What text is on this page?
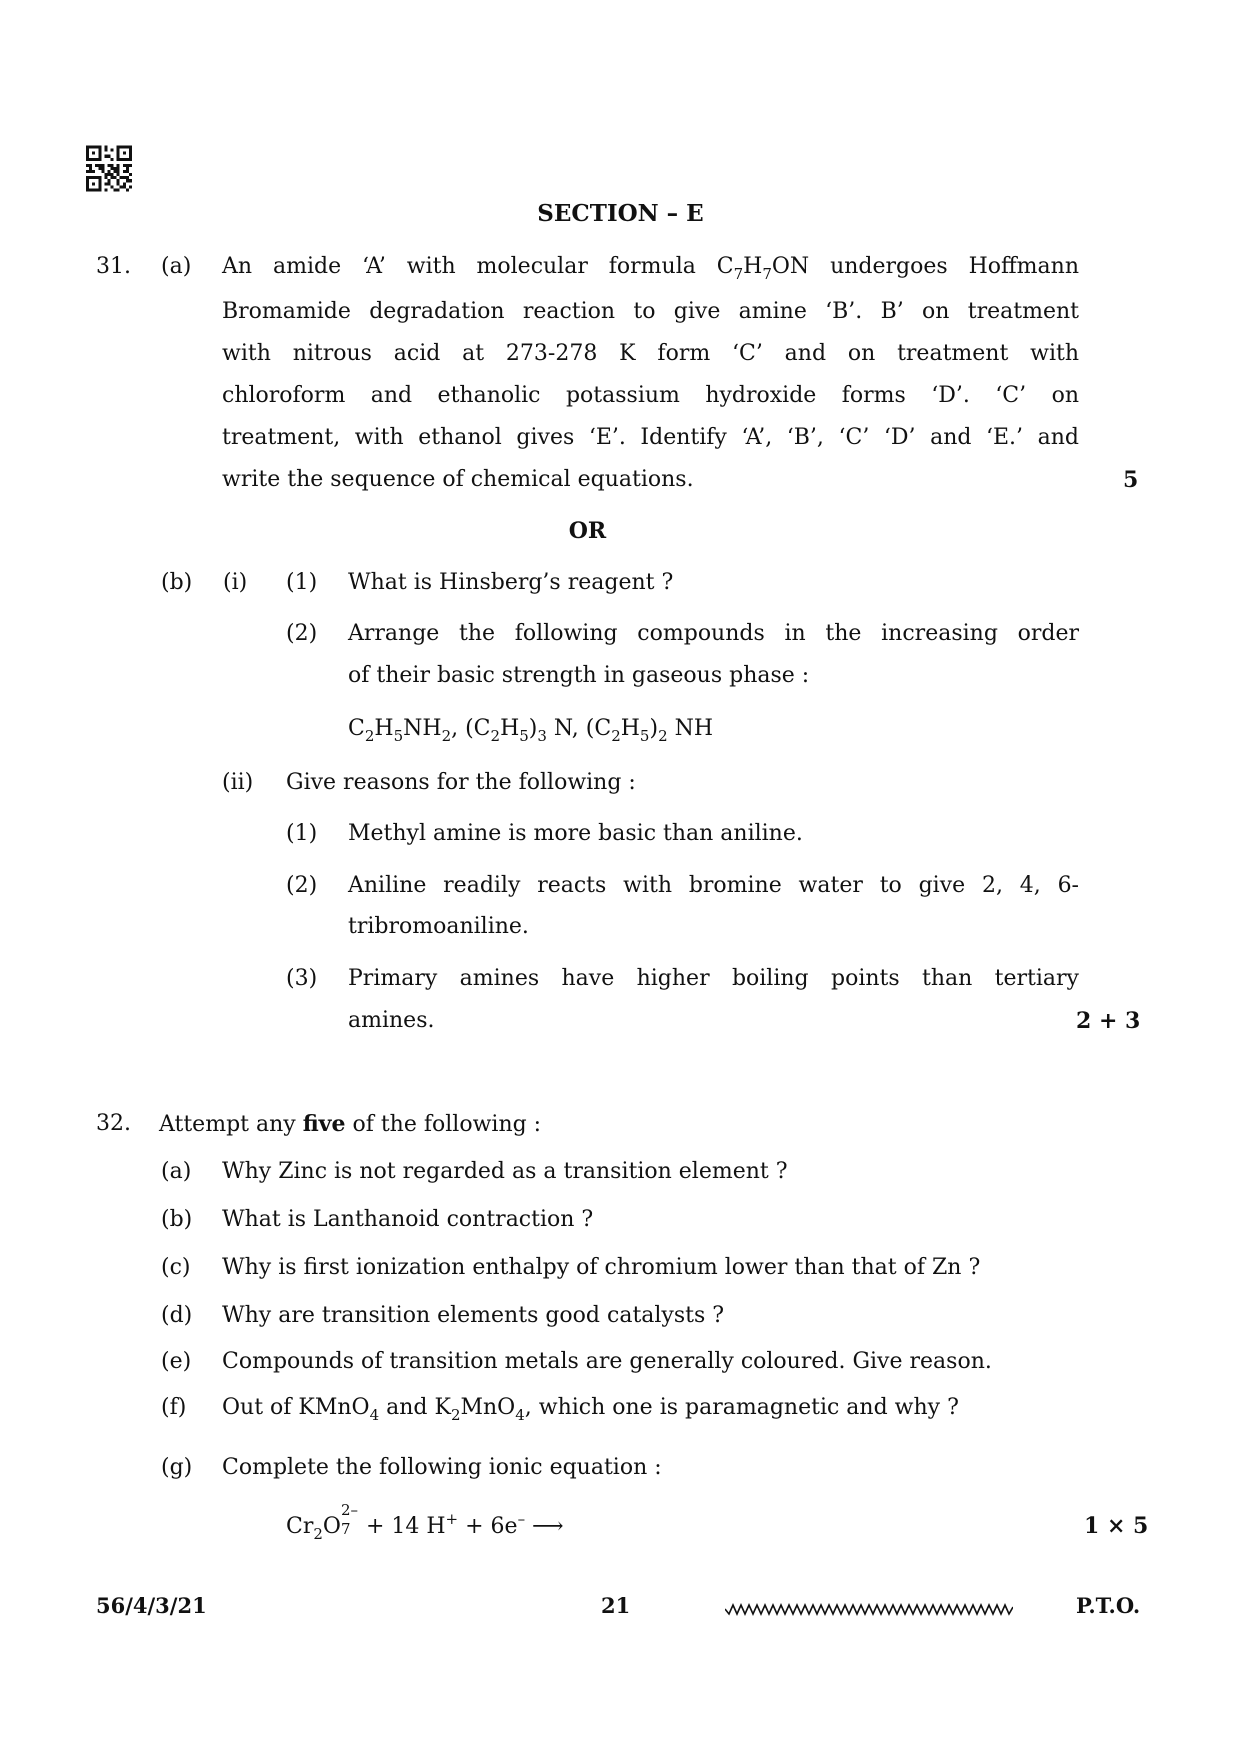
SECTION – E
31. (a) An amide ‘A’ with molecular formula $C_7H_7ON$ undergoes Hoffmann
Bromamide degradation reaction to give amine ‘B’. B’ on treatment
with nitrous acid at 273-278 K form ‘C’ and on treatment with
chloroform and ethanolic potassium hydroxide forms ‘D’. ‘C’ on
treatment, with ethanol gives ‘E’. Identify ‘A’, ‘B’, ‘C’ ‘D’ and ‘E.’ and
write the sequence of chemical equations.	5
OR
(b) (i) (1) What is Hinsberg’s reagent ?
(2) Arrange the following compounds in the increasing order
of their basic strength in gaseous phase :
$C_2H_5NH_2$, $(C_2H_5)_3$ N, $(C_2H_5)_2$ NH
(ii) Give reasons for the following :
(1) Methyl amine is more basic than aniline.
(2) Aniline readily reacts with bromine water to give 2, 4, 6-
tribromoaniline.
(3) Primary amines have higher boiling points than tertiary
amines.	2 + 3
32. Attempt any five of the following :
(a) Why Zinc is not regarded as a transition element ?
(b) What is Lanthanoid contraction ?
(c) Why is first ionization enthalpy of chromium lower than that of Zn ?
(d) Why are transition elements good catalysts ?
(e) Compounds of transition metals are generally coloured. Give reason.
(f) Out of KMnO$_4$ and $K_2MnO_4$, which one is paramagnetic and why ?
(g) Complete the following ionic equation :
$Cr_2O$
2–
7 + 14 H+ + 6e– ⟶	1 × 5
56/4/3/21	21	P.T.O.
